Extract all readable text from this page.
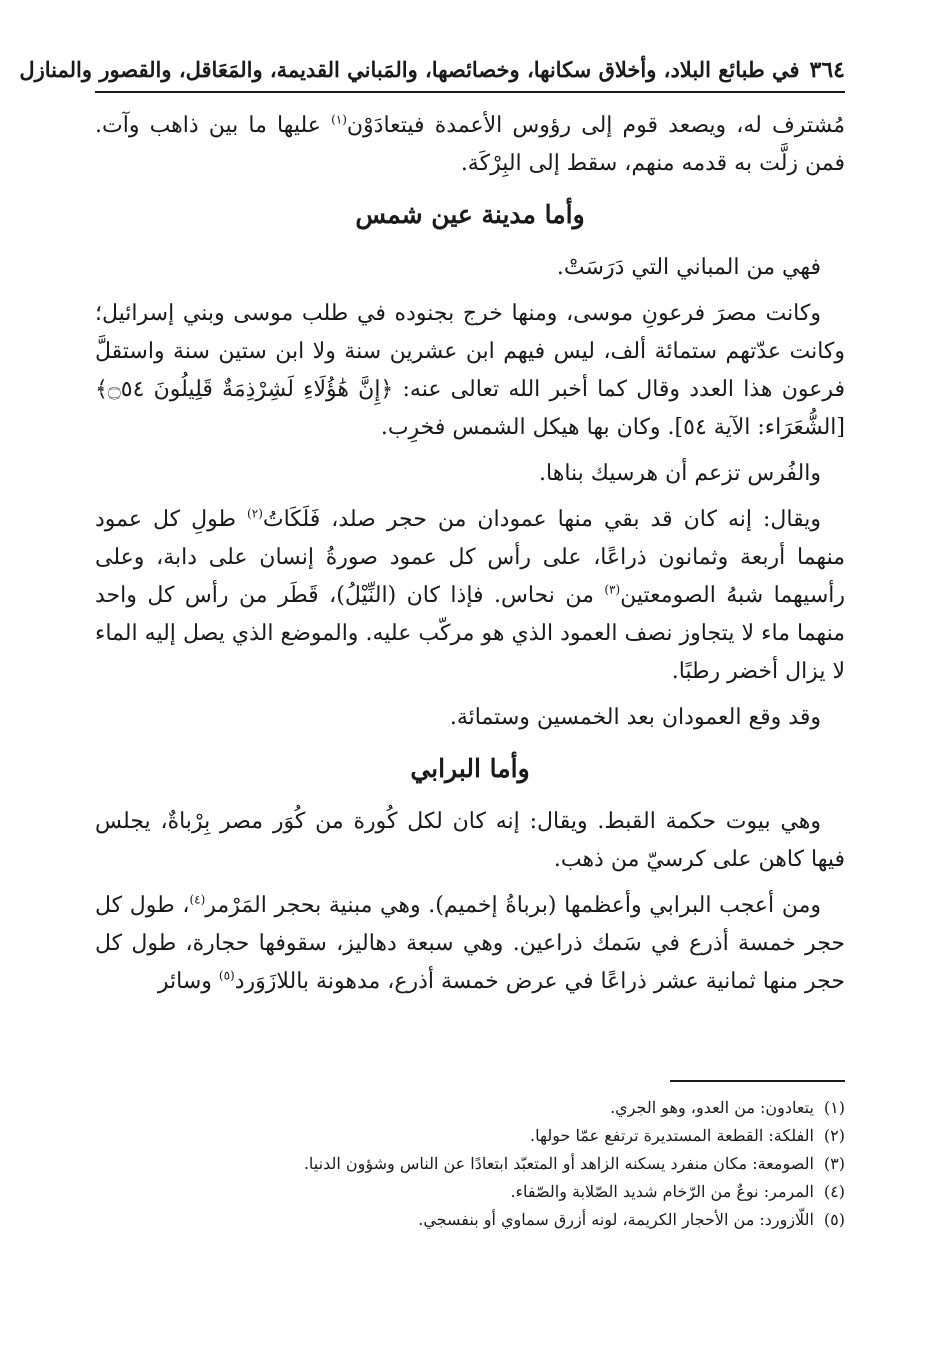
٣٦٤
في طبائع البلاد، وأخلاق سكانها، وخصائصها، والمَباني القديمة، والمَعَاقل، والقصور والمنازل

مُشترف له، ويصعد قوم إلى رؤوس الأعمدة فيتعادَوْن$^{(١)}$ عليها ما بين ذاهب وآت. فمن زلَّت به قدمه منهم، سقط إلى البِرْكَة.

وأما مدينة عين شمس

فهي من المباني التي دَرَسَتْ.

وكانت مصرَ فرعونِ موسى، ومنها خرج بجنوده في طلب موسى وبني إسرائيل؛ وكانت عدّتهم ستمائة ألف، ليس فيهم ابن عشرين سنة ولا ابن ستين سنة واستقلَّ فرعون هذا العدد وقال كما أخبر الله تعالى عنه: ﴿إِنَّ هَٰؤُلَاءِ لَشِرْذِمَةٌ قَلِيلُونَ ۝٥٤﴾ [الشُّعَرَاء: الآية ٥٤]. وكان بها هيكل الشمس فخرِب.

والفُرس تزعم أن هرسيك بناها.

ويقال: إنه كان قد بقي منها عمودان من حجر صلد، فَلَكَاتُ$^{(٢)}$ طولِ كل عمود منهما أربعة وثمانون ذراعًا، على رأس كل عمود صورةُ إنسان على دابة، وعلى رأسيهما شبهُ الصومعتين$^{(٣)}$ من نحاس. فإذا كان (النِّيْلُ)، قَطَر من رأس كل واحد منهما ماء لا يتجاوز نصف العمود الذي هو مركّب عليه. والموضع الذي يصل إليه الماء لا يزال أخضر رطبًا.

وقد وقع العمودان بعد الخمسين وستمائة.

وأما البرابي

وهي بيوت حكمة القبط. ويقال: إنه كان لكل كُورة من كُوَر مصر بِرْباةٌ، يجلس فيها كاهن على كرسيّ من ذهب.

ومن أعجب البرابي وأعظمها (برباةُ إخميم). وهي مبنية بحجر المَرْمر$^{(٤)}$، طول كل حجر خمسة أذرع في سَمك ذراعين. وهي سبعة دهاليز، سقوفها حجارة، طول كل حجر منها ثمانية عشر ذراعًا في عرض خمسة أذرع، مدهونة باللازَوَرد$^{(٥)}$ وسائر

(١)يتعادون: من العدو، وهو الجري.

(٢)الفلكة: القطعة المستديرة ترتفع عمّا حولها.

(٣)الصومعة: مكان منفرد يسكنه الزاهد أو المتعبّد ابتعادًا عن الناس وشؤون الدنيا.

(٤)المرمر: نوعٌ من الرّخام شديد الصّلابة والصّفاء.

(٥)اللّازورد: من الأحجار الكريمة، لونه أزرق سماوي أو بنفسجي.
